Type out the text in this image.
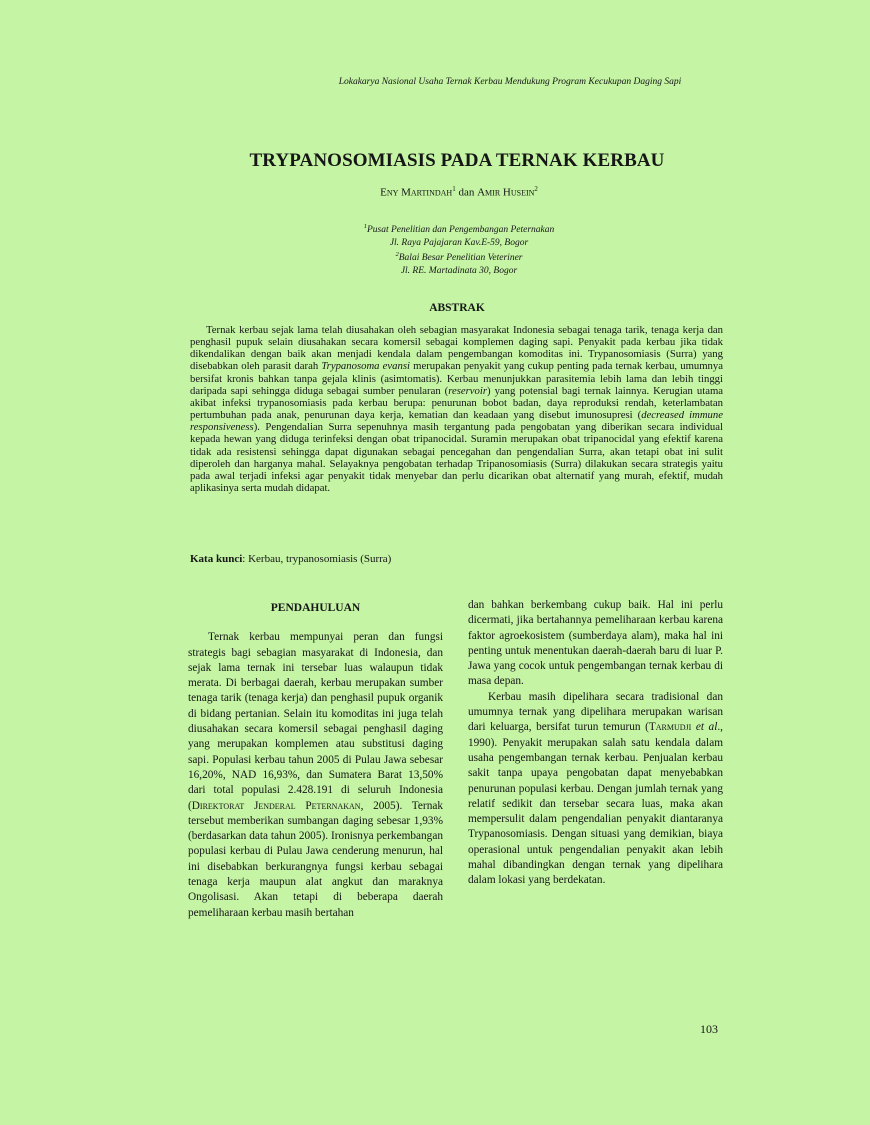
Lokakarya Nasional Usaha Ternak Kerbau Mendukung Program Kecukupan Daging Sapi
TRYPANOSOMIASIS PADA TERNAK KERBAU
Eny Martindah$^1$ dan Amir Husein$^2$
$^1$Pusat Penelitian dan Pengembangan Peternakan
Jl. Raya Pajajaran Kav.E-59, Bogor
$^2$Balai Besar Penelitian Veteriner
Jl. RE. Martadinata 30, Bogor
ABSTRAK

Ternak kerbau sejak lama telah diusahakan oleh sebagian masyarakat Indonesia sebagai tenaga tarik, tenaga kerja dan penghasil pupuk selain diusahakan secara komersil sebagai komplemen daging sapi. Penyakit pada kerbau jika tidak dikendalikan dengan baik akan menjadi kendala dalam pengembangan komoditas ini. Trypanosomiasis (Surra) yang disebabkan oleh parasit darah Trypanosoma evansi merupakan penyakit yang cukup penting pada ternak kerbau, umumnya bersifat kronis bahkan tanpa gejala klinis (asimtomatis). Kerbau menunjukkan parasitemia lebih lama dan lebih tinggi daripada sapi sehingga diduga sebagai sumber penularan (reservoir) yang potensial bagi ternak lainnya. Kerugian utama akibat infeksi trypanosomiasis pada kerbau berupa: penurunan bobot badan, daya reproduksi rendah, keterlambatan pertumbuhan pada anak, penurunan daya kerja, kematian dan keadaan yang disebut imunosupresi (decreased immune responsiveness). Pengendalian Surra sepenuhnya masih tergantung pada pengobatan yang diberikan secara individual kepada hewan yang diduga terinfeksi dengan obat tripanocidal. Suramin merupakan obat tripanocidal yang efektif karena tidak ada resistensi sehingga dapat digunakan sebagai pencegahan dan pengendalian Surra, akan tetapi obat ini sulit diperoleh dan harganya mahal. Selayaknya pengobatan terhadap Tripanosomiasis (Surra) dilakukan secara strategis yaitu pada awal terjadi infeksi agar penyakit tidak menyebar dan perlu dicarikan obat alternatif yang murah, efektif, mudah aplikasinya serta mudah didapat.

Kata kunci: Kerbau, trypanosomiasis (Surra)

PENDAHULUAN

Ternak kerbau mempunyai peran dan fungsi strategis bagi sebagian masyarakat di Indonesia, dan sejak lama ternak ini tersebar luas walaupun tidak merata. Di berbagai daerah, kerbau merupakan sumber tenaga tarik (tenaga kerja) dan penghasil pupuk organik di bidang pertanian. Selain itu komoditas ini juga telah diusahakan secara komersil sebagai penghasil daging yang merupakan komplemen atau substitusi daging sapi. Populasi kerbau tahun 2005 di Pulau Jawa sebesar 16,20%, NAD 16,93%, dan Sumatera Barat 13,50% dari total populasi 2.428.191 di seluruh Indonesia (Direktorat Jenderal Peternakan, 2005). Ternak tersebut memberikan sumbangan daging sebesar 1,93% (berdasarkan data tahun 2005). Ironisnya perkembangan populasi kerbau di Pulau Jawa cenderung menurun, hal ini disebabkan berkurangnya fungsi kerbau sebagai tenaga kerja maupun alat angkut dan maraknya Ongolisasi. Akan tetapi di beberapa daerah pemeliharaan kerbau masih bertahan

dan bahkan berkembang cukup baik. Hal ini perlu dicermati, jika bertahannya pemeliharaan kerbau karena faktor agroekosistem (sumberdaya alam), maka hal ini penting untuk menentukan daerah-daerah baru di luar P. Jawa yang cocok untuk pengembangan ternak kerbau di masa depan.

Kerbau masih dipelihara secara tradisional dan umumnya ternak yang dipelihara merupakan warisan dari keluarga, bersifat turun temurun (Tarmudji et al., 1990). Penyakit merupakan salah satu kendala dalam usaha pengembangan ternak kerbau. Penjualan kerbau sakit tanpa upaya pengobatan dapat menyebabkan penurunan populasi kerbau. Dengan jumlah ternak yang relatif sedikit dan tersebar secara luas, maka akan mempersulit dalam pengendalian penyakit diantaranya Trypanosomiasis. Dengan situasi yang demikian, biaya operasional untuk pengendalian penyakit akan lebih mahal dibandingkan dengan ternak yang dipelihara dalam lokasi yang berdekatan.

103
